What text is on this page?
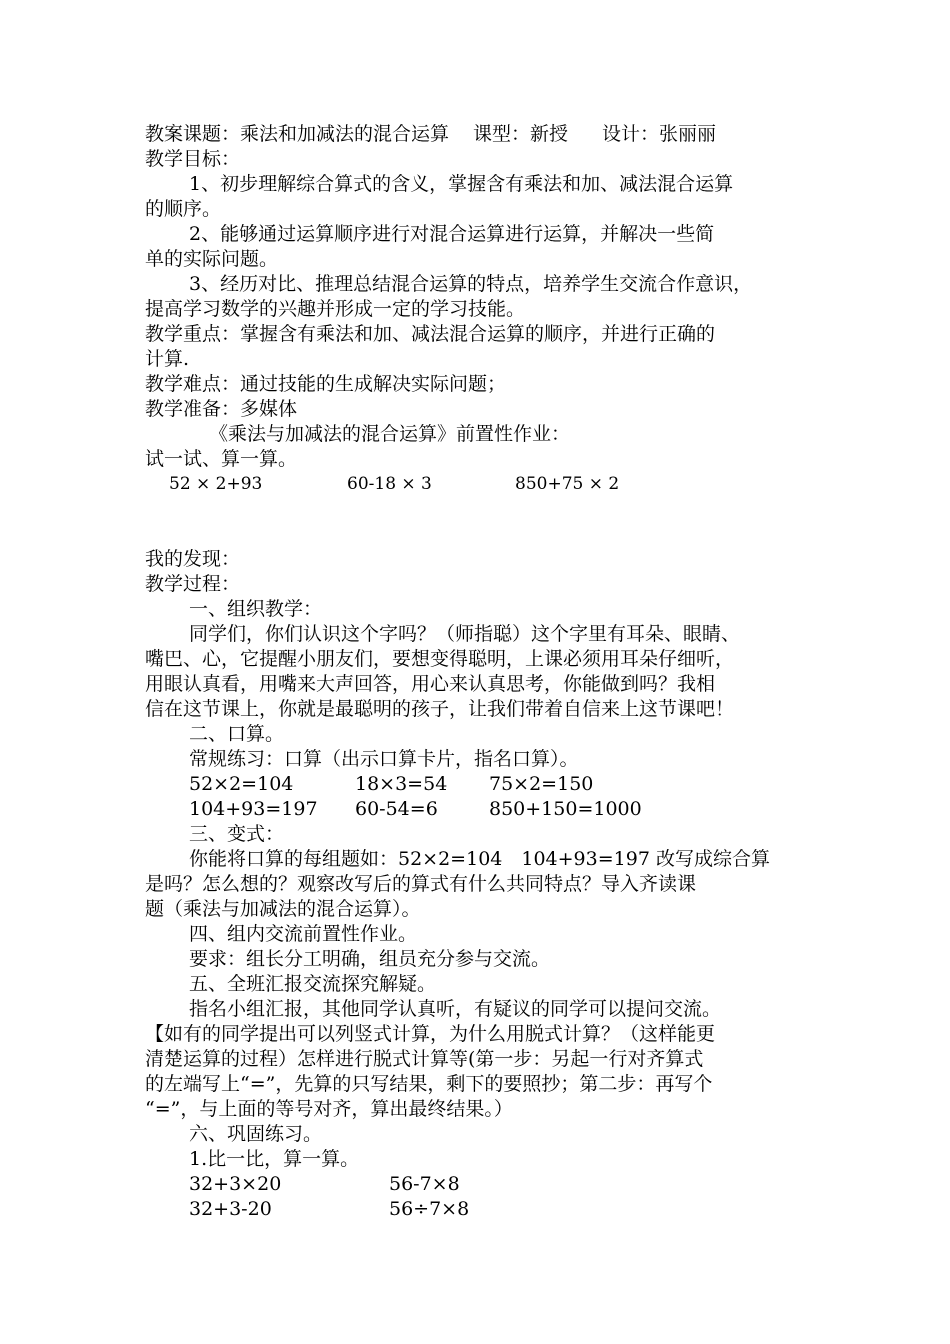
教案课题：乘法和加减法的混合运算 课型：新授 设计：张丽丽
教学目标：
1、初步理解综合算式的含义，掌握含有乘法和加、减法混合运算
的顺序。
2、能够通过运算顺序进行对混合运算进行运算，并解决一些简
单的实际问题。
3、经历对比、推理总结混合运算的特点，培养学生交流合作意识，
提高学习数学的兴趣并形成一定的学习技能。
教学重点：掌握含有乘法和加、减法混合运算的顺序，并进行正确的
计算.
教学难点：通过技能的生成解决实际问题；
教学准备：多媒体
《乘法与加减法的混合运算》前置性作业：
试一试、算一算。
52 × 2+93	60-18 × 3	850+75 × 2
我的发现：
教学过程：
一、组织教学：
同学们，你们认识这个字吗？（师指聪）这个字里有耳朵、眼睛、
嘴巴、心，它提醒小朋友们，要想变得聪明，上课必须用耳朵仔细听，
用眼认真看，用嘴来大声回答，用心来认真思考，你能做到吗？我相
信在这节课上，你就是最聪明的孩子，让我们带着自信来上这节课吧！
二、口算。
常规练习：口算（出示口算卡片，指名口算）。
52×2=104	18×3=54 75×2=150
104+93=197 60-54=6	850+150=1000
三、变式：
你能将口算的每组题如：52×2=104　104+93=197 改写成综合算
是吗？怎么想的？观察改写后的算式有什么共同特点？导入齐读课
题（乘法与加减法的混合运算）。
四、组内交流前置性作业。
要求：组长分工明确，组员充分参与交流。
五、全班汇报交流探究解疑。
指名小组汇报，其他同学认真听，有疑议的同学可以提问交流。
【如有的同学提出可以列竖式计算，为什么用脱式计算？（这样能更
清楚运算的过程）怎样进行脱式计算等(第一步：另起一行对齐算式
的左端写上“=”，先算的只写结果，剩下的要照抄；第二步：再写个
“=”，与上面的等号对齐，算出最终结果。）
六、巩固练习。
1.比一比，算一算。
32+3×20	56-7×8
32+3-20	56÷7×8
